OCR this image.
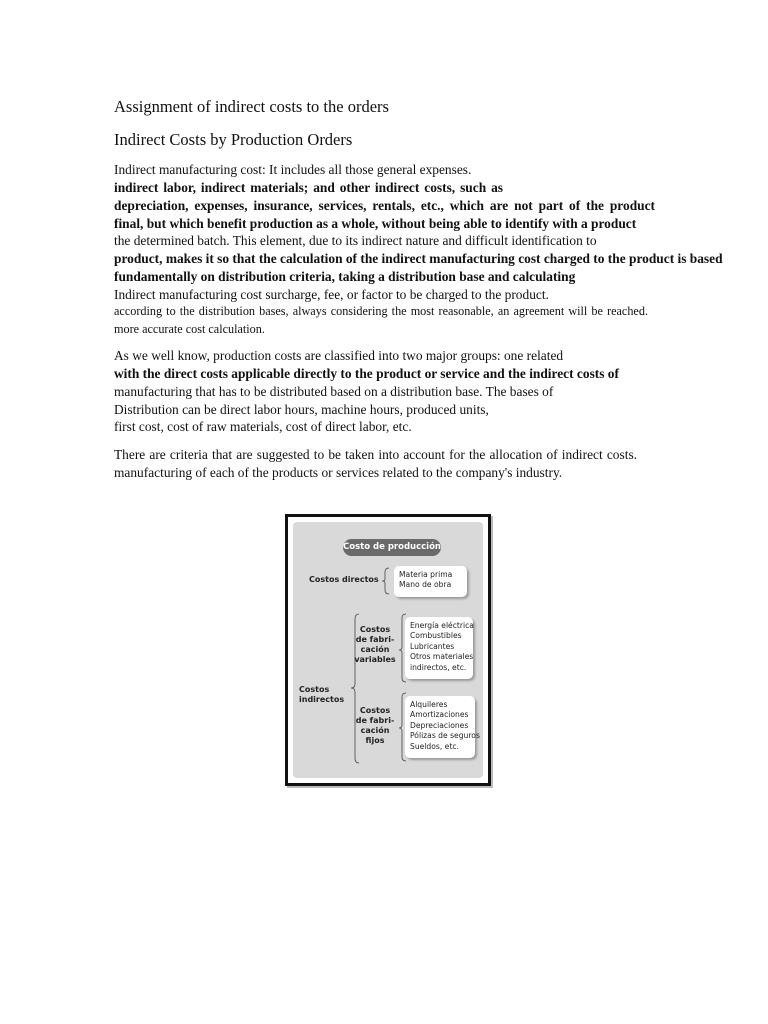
Assignment of indirect costs to the orders
Indirect Costs by Production Orders
Indirect manufacturing cost: It includes all those general expenses.
indirect labor, indirect materials; and other indirect costs, such as
depreciation, expenses, insurance, services, rentals, etc., which are not part of the product
final, but which benefit production as a whole, without being able to identify with a product
the determined batch. This element, due to its indirect nature and difficult identification to
product, makes it so that the calculation of the indirect manufacturing cost charged to the product is based
fundamentally on distribution criteria, taking a distribution base and calculating
Indirect manufacturing cost surcharge, fee, or factor to be charged to the product.
according to the distribution bases, always considering the most reasonable, an agreement will be reached.
more accurate cost calculation.
As we well know, production costs are classified into two major groups: one related
with the direct costs applicable directly to the product or service and the indirect costs of
manufacturing that has to be distributed based on a distribution base. The bases of
Distribution can be direct labor hours, machine hours, produced units,
first cost, cost of raw materials, cost of direct labor, etc.
There are criteria that are suggested to be taken into account for the allocation of indirect costs.
manufacturing of each of the products or services related to the company's industry.
Costo de producción
Costos directos
Materia prima
Mano de obra
Costos
indirectos
Costos
de fabri-
cación
variables
Energía eléctrica
Combustibles
Lubricantes
Otros materiales
indirectos, etc.
Costos
de fabri-
cación
fijos
Alquileres
Amortizaciones
Depreciaciones
Pólizas de seguros
Sueldos, etc.
